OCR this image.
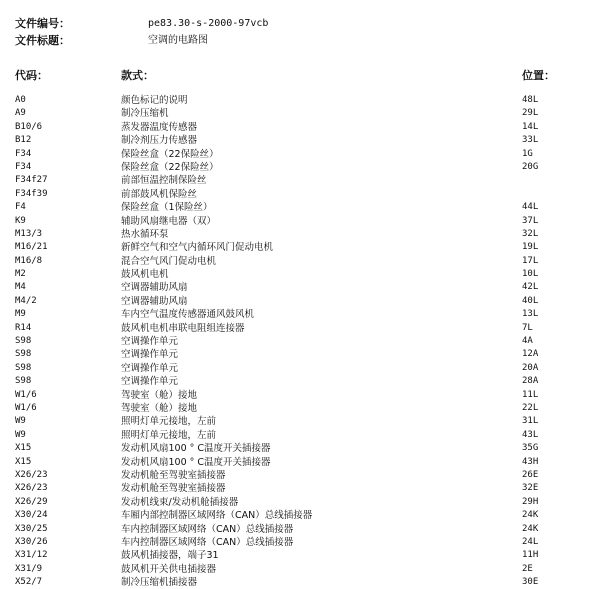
文件编号：	pe83.30-s-2000-97vcb
文件标题：	空调的电路图
代码：	款式：	位置：
A0	颜色标记的说明	48L
A9	制冷压缩机	29L
B10/6	蒸发器温度传感器	14L
B12	制冷剂压力传感器	33L
F34	保险丝盒（22保险丝）	1G
F34	保险丝盒（22保险丝）	20G
F34f27	前部恒温控制保险丝
F34f39	前部鼓风机保险丝
F4	保险丝盒（1保险丝）	44L
K9	辅助风扇继电器（双）	37L
M13/3	热水循环泵	32L
M16/21	新鲜空气和空气内循环风门促动电机	19L
M16/8	混合空气风门促动电机	17L
M2	鼓风机电机	10L
M4	空调器辅助风扇	42L
M4/2	空调器辅助风扇	40L
M9	车内空气温度传感器通风鼓风机	13L
R14	鼓风机电机串联电阻组连接器	7L
S98	空调操作单元	4A
S98	空调操作单元	12A
S98	空调操作单元	20A
S98	空调操作单元	28A
W1/6	驾驶室（舱）接地	11L
W1/6	驾驶室（舱）接地	22L
W9	照明灯单元接地，左前	31L
W9	照明灯单元接地，左前	43L
X15	发动机风扇100 ° C温度开关插接器	35G
X15	发动机风扇100 ° C温度开关插接器	43H
X26/23	发动机舱至驾驶室插接器	26E
X26/23	发动机舱至驾驶室插接器	32E
X26/29	发动机线束/发动机舱插接器	29H
X30/24	车厢内部控制器区域网络（CAN）总线插接器	24K
X30/25	车内控制器区域网络（CAN）总线插接器	24K
X30/26	车内控制器区域网络（CAN）总线插接器	24L
X31/12	鼓风机插接器，端子31	11H
X31/9	鼓风机开关供电插接器	2E
X52/7	制冷压缩机插接器	30E
